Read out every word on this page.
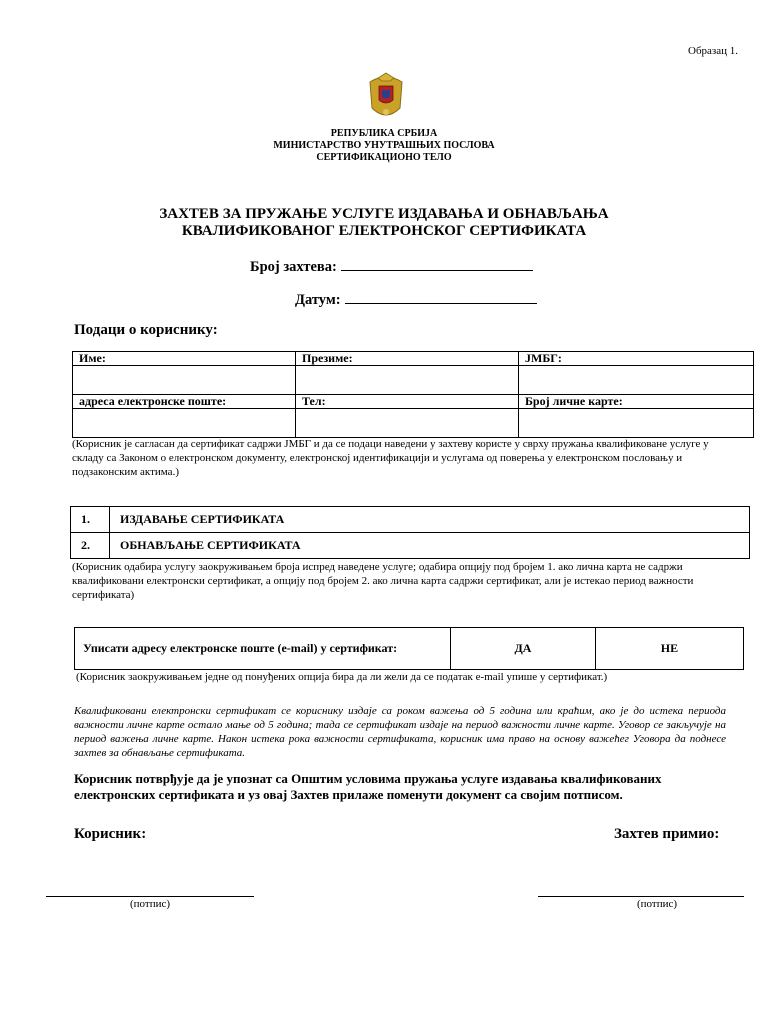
Образац 1.
РЕПУБЛИКА СРБИЈА
МИНИСТАРСТВО УНУТРАШЊИХ ПОСЛОВА
СЕРТИФИКАЦИОНО ТЕЛО
ЗАХТЕВ ЗА ПРУЖАЊЕ УСЛУГЕ ИЗДАВАЊА И ОБНАВЉАЊА
КВАЛИФИКОВАНОГ ЕЛЕКТРОНСКОГ СЕРТИФИКАТА
Број захтева:
Датум:
Подаци о кориснику:
Име:	Презиме:	ЈМБГ:

адреса електронске поште:	Тел:	Број личне карте:

(Корисник је сагласан да сертификат садржи ЈМБГ и да се подаци наведени у захтеву користе у сврху пружања квалификоване услуге у складу са Законом о електронском документу, електронској идентификацији и услугама од поверења у електронском пословању и подзаконским актима.)
1.	ИЗДАВАЊЕ СЕРТИФИКАТА
2.	ОБНАВЉАЊЕ СЕРТИФИКАТА
(Корисник одабира услугу заокруживањем броја испред наведене услуге; одабира опцију под бројем 1. ако лична карта не садржи квалификовани електронски сертификат, а опцију под бројем 2. ако лична карта садржи сертификат, али је истекао период важности сертификата)
Уписати адресу електронске поште (e-mail) у сертификат:	ДА	НЕ
(Корисник заокруживањем једне од понуђених опција бира да ли жели да се податак e-mail упише у сертификат.)
Квалификовани електронски сертификат се кориснику издаје са роком важења од 5 година или краћим, ако је до истека периода важности личне карте остало мање од 5 година; тада се сертификат издаје на период важности личне карте. Уговор се закључује на период важења личне карте. Након истека рока важности сертификата, корисник има право на основу важећег Уговора да поднесе захтев за обнављање сертификата.
Корисник потврђује да је упознат са Општим условима пружања услуге издавања квалификованих електронских сертификата и уз овај Захтев прилаже поменути документ са својим потписом.
Корисник:	Захтев примио:
(потпис)	(потпис)
